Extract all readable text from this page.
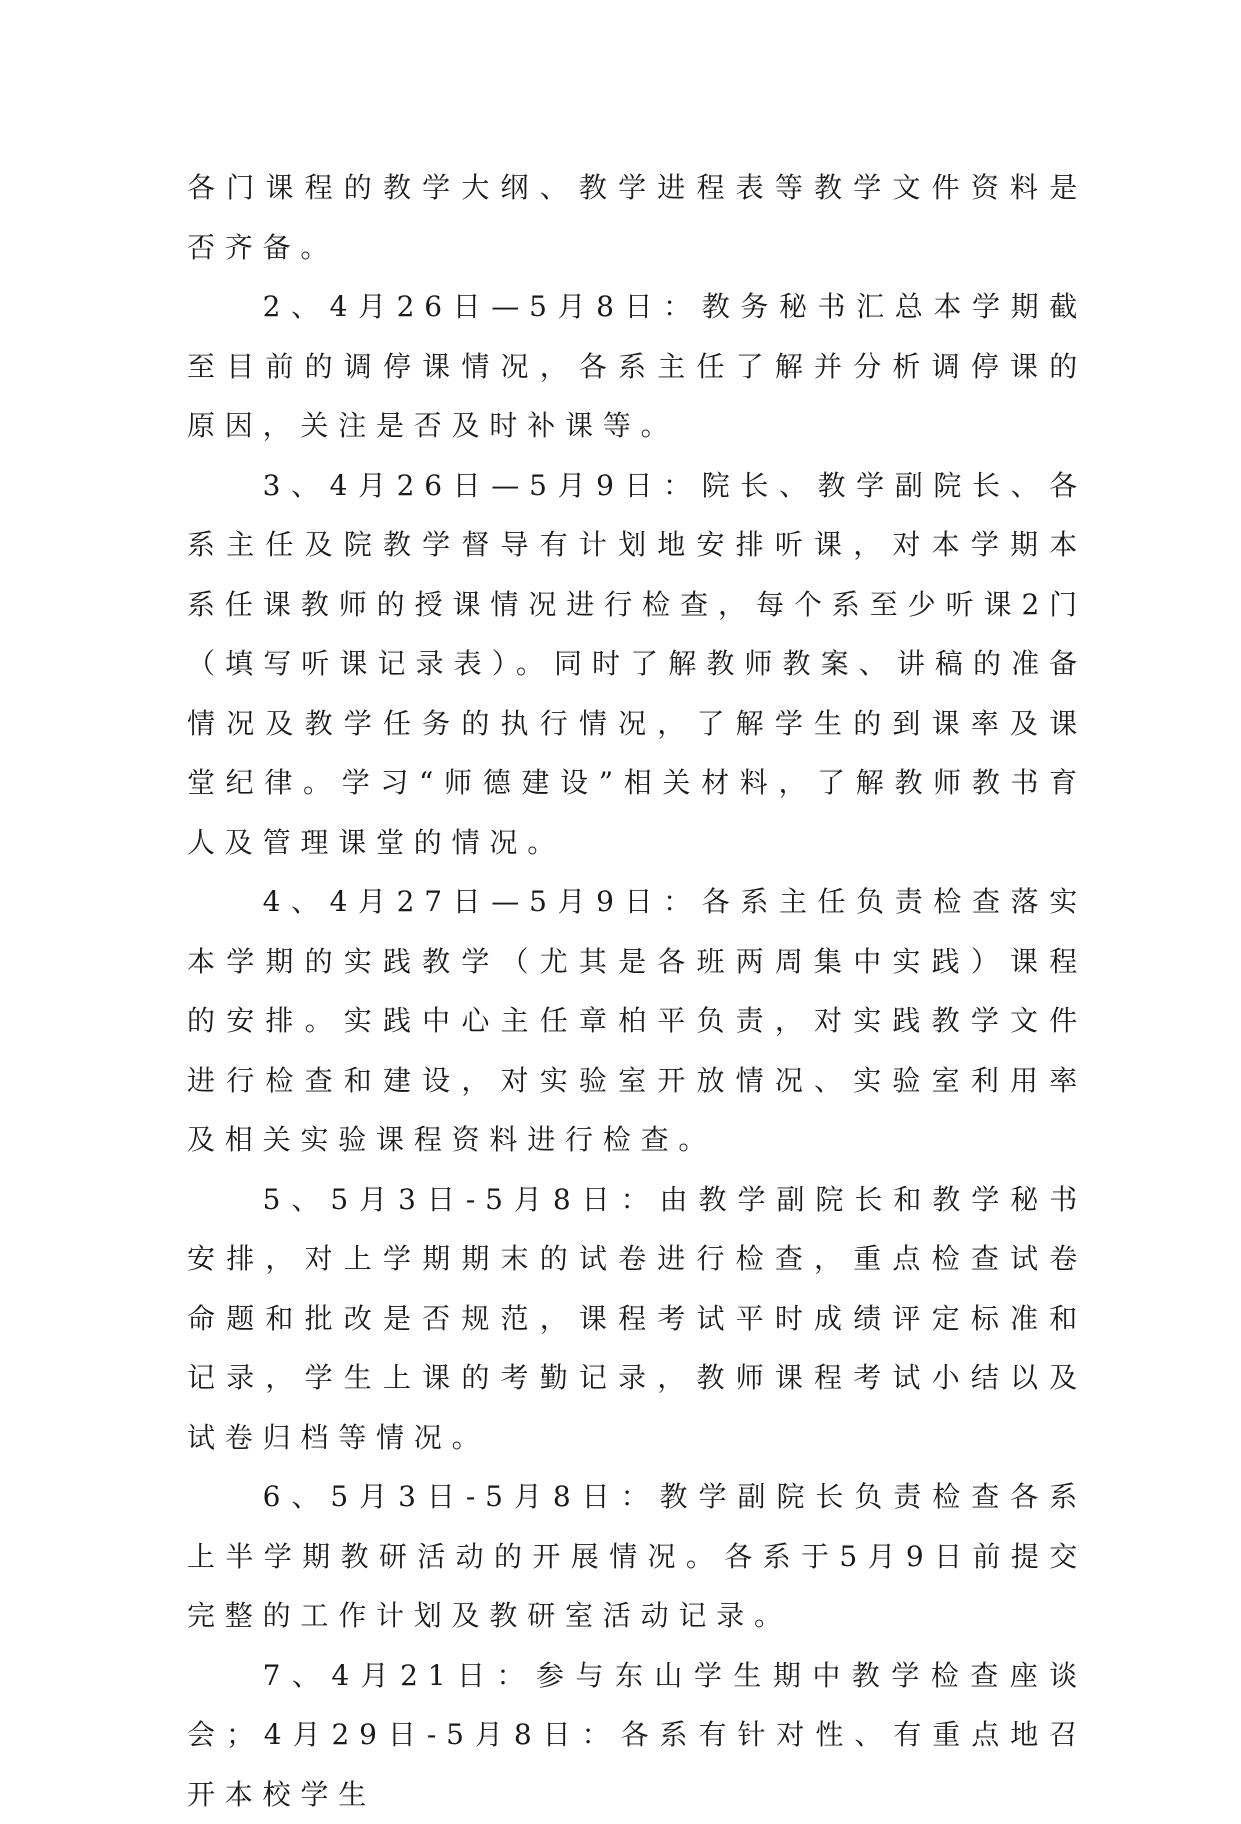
各门课程的教学大纲、教学进程表等教学文件资料是否齐备。

2、4月26日—5月8日：教务秘书汇总本学期截至目前的调停课情况，各系主任了解并分析调停课的原因，关注是否及时补课等。

3、4月26日—5月9日：院长、教学副院长、各系主任及院教学督导有计划地安排听课，对本学期本系任课教师的授课情况进行检查，每个系至少听课2门（填写听课记录表）。同时了解教师教案、讲稿的准备情况及教学任务的执行情况，了解学生的到课率及课堂纪律。学习“师德建设”相关材料，了解教师教书育人及管理课堂的情况。

4、4月27日—5月9日：各系主任负责检查落实本学期的实践教学（尤其是各班两周集中实践）课程的安排。实践中心主任章柏平负责，对实践教学文件进行检查和建设，对实验室开放情况、实验室利用率及相关实验课程资料进行检查。

5、5月3日-5月8日：由教学副院长和教学秘书安排，对上学期期末的试卷进行检查，重点检查试卷命题和批改是否规范，课程考试平时成绩评定标准和记录，学生上课的考勤记录，教师课程考试小结以及试卷归档等情况。

6、5月3日-5月8日：教学副院长负责检查各系上半学期教研活动的开展情况。各系于5月9日前提交完整的工作计划及教研室活动记录。

7、4月21日：参与东山学生期中教学检查座谈会；4月29日-5月8日：各系有针对性、有重点地召开本校学生
